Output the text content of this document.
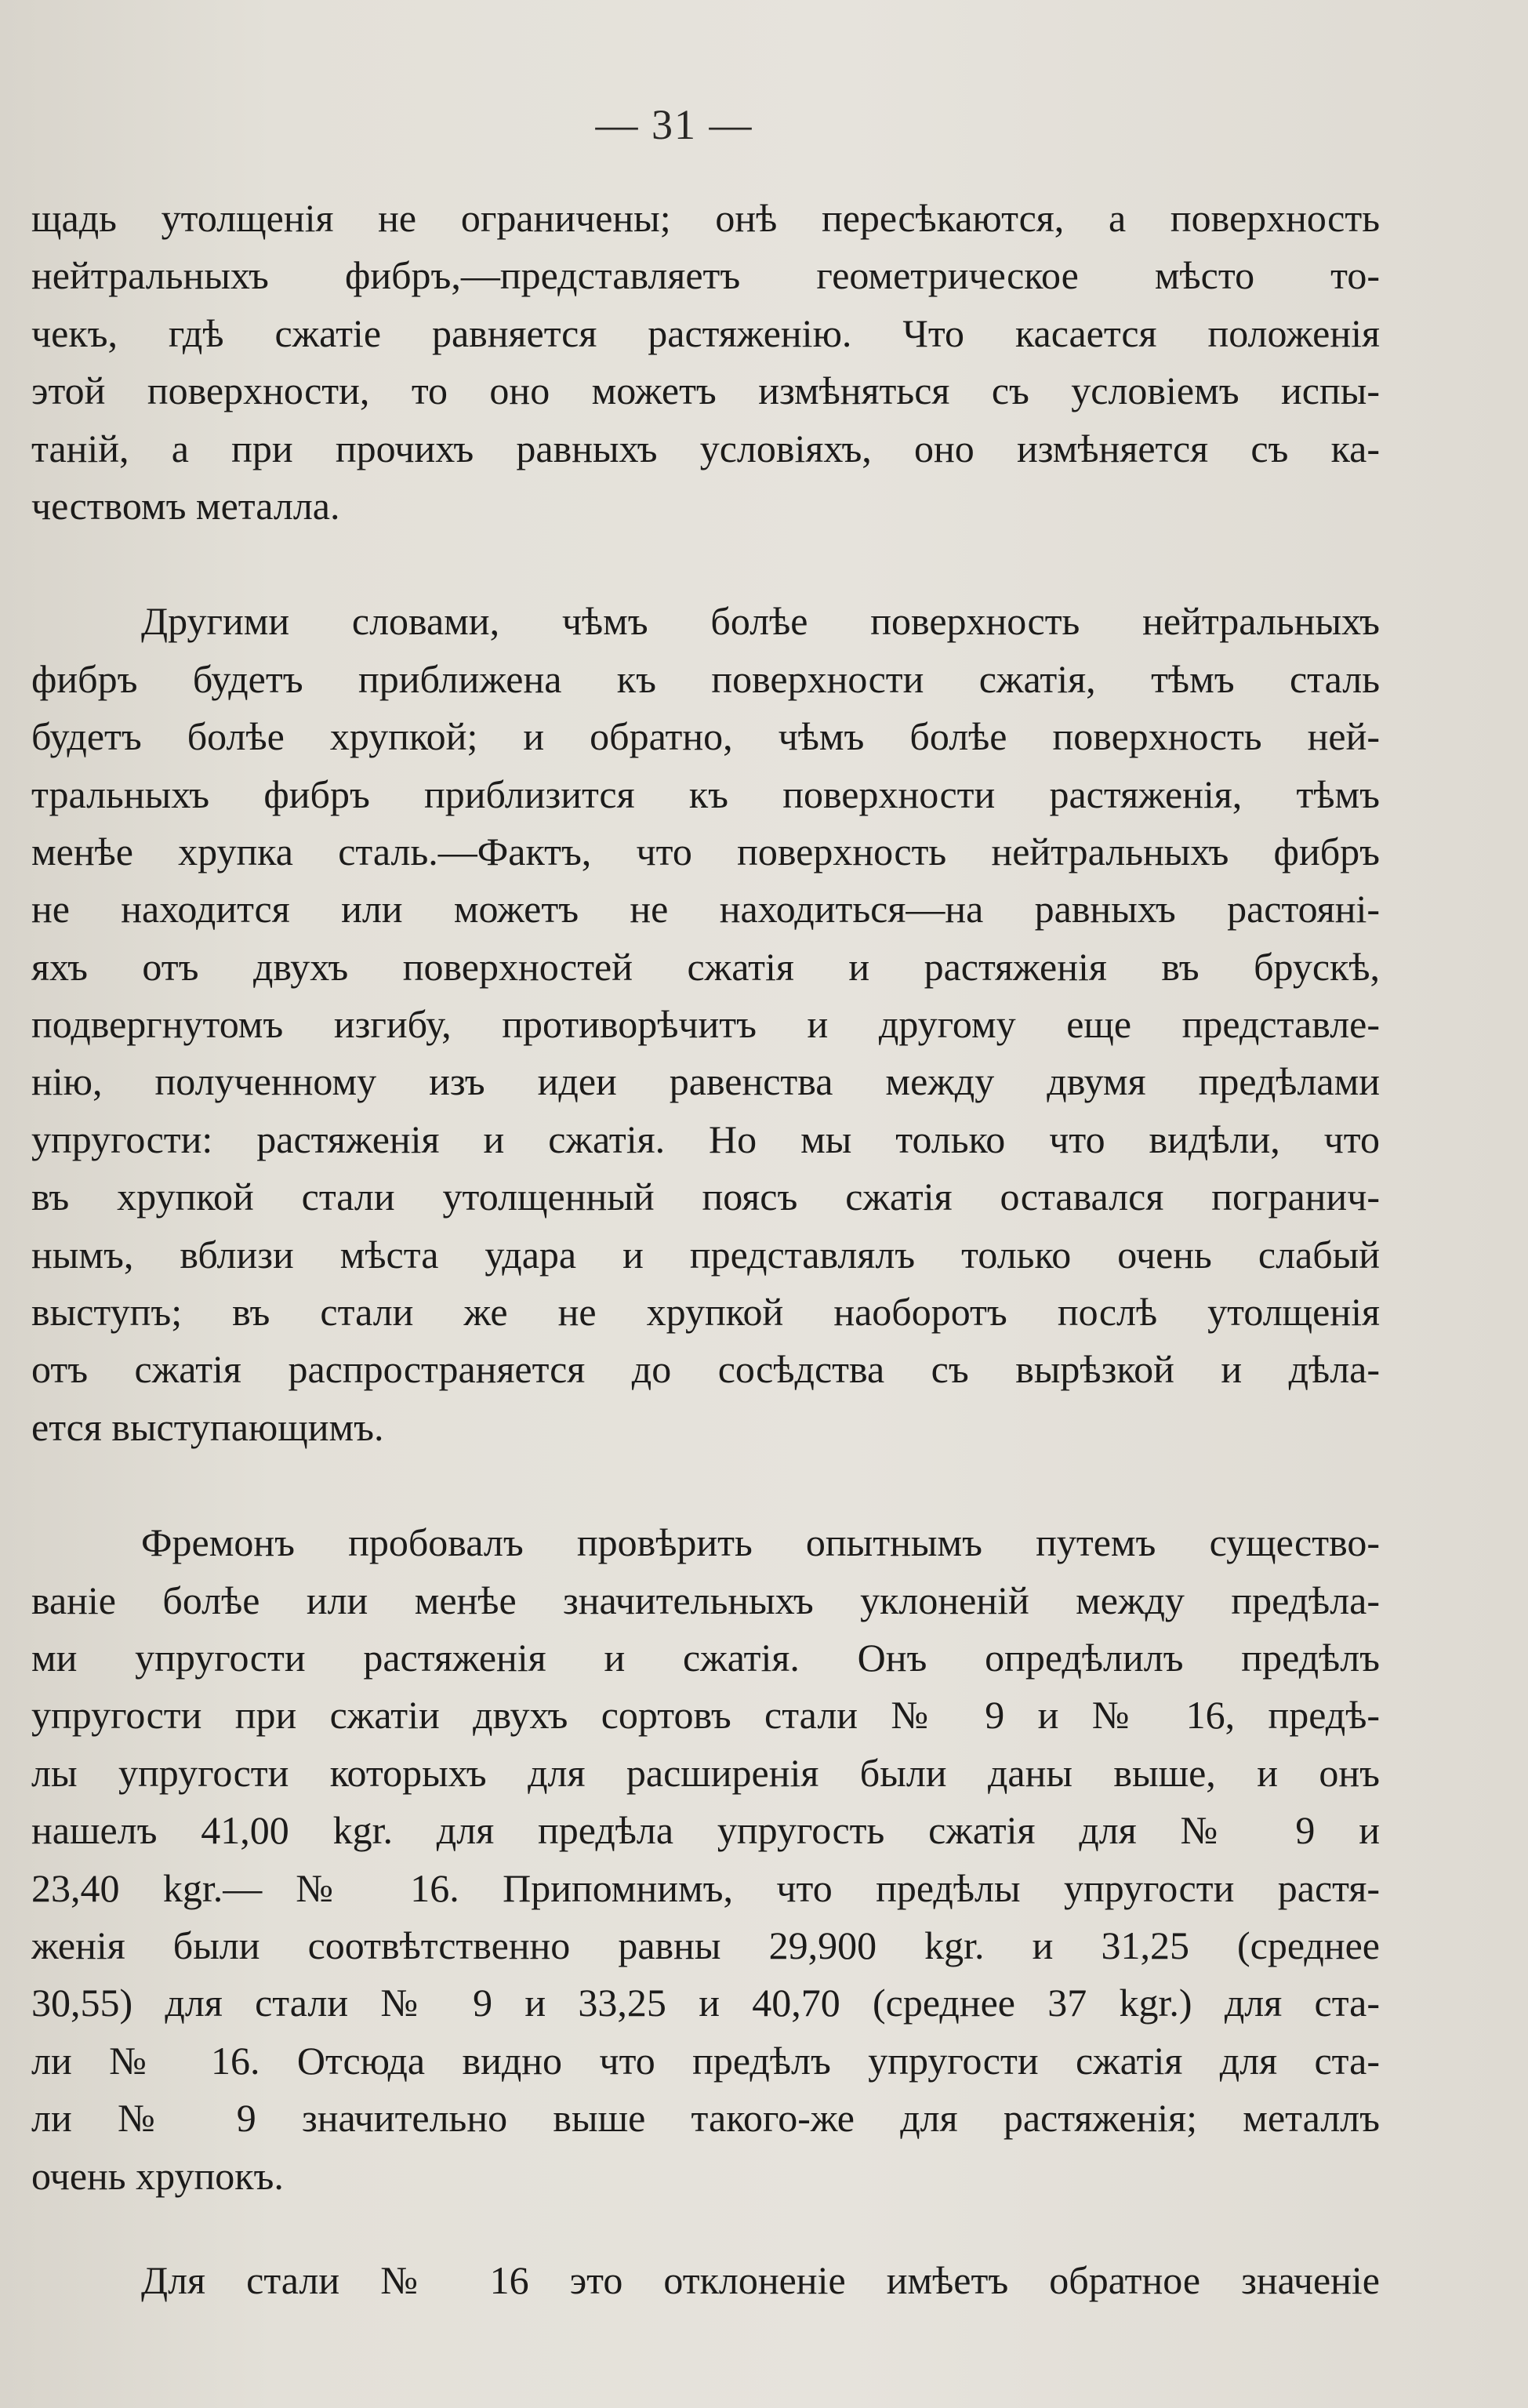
— 31 —
щадь утолщенія не ограничены; онѣ пересѣкаются, а поверхность
нейтральныхъ фибръ,—представляетъ геометрическое мѣсто то-
чекъ, гдѣ сжатіе равняется растяженію. Что касается положенія
этой поверхности, то оно можетъ измѣняться съ условіемъ испы-
таній, а при прочихъ равныхъ условіяхъ, оно измѣняется съ ка-
чествомъ металла.
Другими словами, чѣмъ болѣе поверхность нейтральныхъ
фибръ будетъ приближена къ поверхности сжатія, тѣмъ сталь
будетъ болѣе хрупкой; и обратно, чѣмъ болѣе поверхность ней-
тральныхъ фибръ приблизится къ поверхности растяженія, тѣмъ
менѣе хрупка сталь.—Фактъ, что поверхность нейтральныхъ фибръ
не находится или можетъ не находиться—на равныхъ растояні-
яхъ отъ двухъ поверхностей сжатія и растяженія въ брускѣ,
подвергнутомъ изгибу, противорѣчитъ и другому еще представле-
нію, полученному изъ идеи равенства между двумя предѣлами
упругости: растяженія и сжатія. Но мы только что видѣли, что
въ хрупкой стали утолщенный поясъ сжатія оставался погранич-
нымъ, вблизи мѣста удара и представлялъ только очень слабый
выступъ; въ стали же не хрупкой наоборотъ послѣ утолщенія
отъ сжатія распространяется до сосѣдства съ вырѣзкой и дѣла-
ется выступающимъ.
Фремонъ пробовалъ провѣрить опытнымъ путемъ существо-
ваніе болѣе или менѣе значительныхъ уклоненій между предѣла-
ми упругости растяженія и сжатія. Онъ опредѣлилъ предѣлъ
упругости при сжатіи двухъ сортовъ стали № 9 и № 16, предѣ-
лы упругости которыхъ для расширенія были даны выше, и онъ
нашелъ 41,00 kgr. для предѣла упругость сжатія для № 9 и
23,40 kgr.—№ 16. Припомнимъ, что предѣлы упругости растя-
женія были соотвѣтственно равны 29,900 kgr. и 31,25 (среднее
30,55) для стали № 9 и 33,25 и 40,70 (среднее 37 kgr.) для ста-
ли № 16. Отсюда видно что предѣлъ упругости сжатія для ста-
ли № 9 значительно выше такого-же для растяженія; металлъ
очень хрупокъ.
Для стали № 16 это отклоненіе имѣетъ обратное значеніе
